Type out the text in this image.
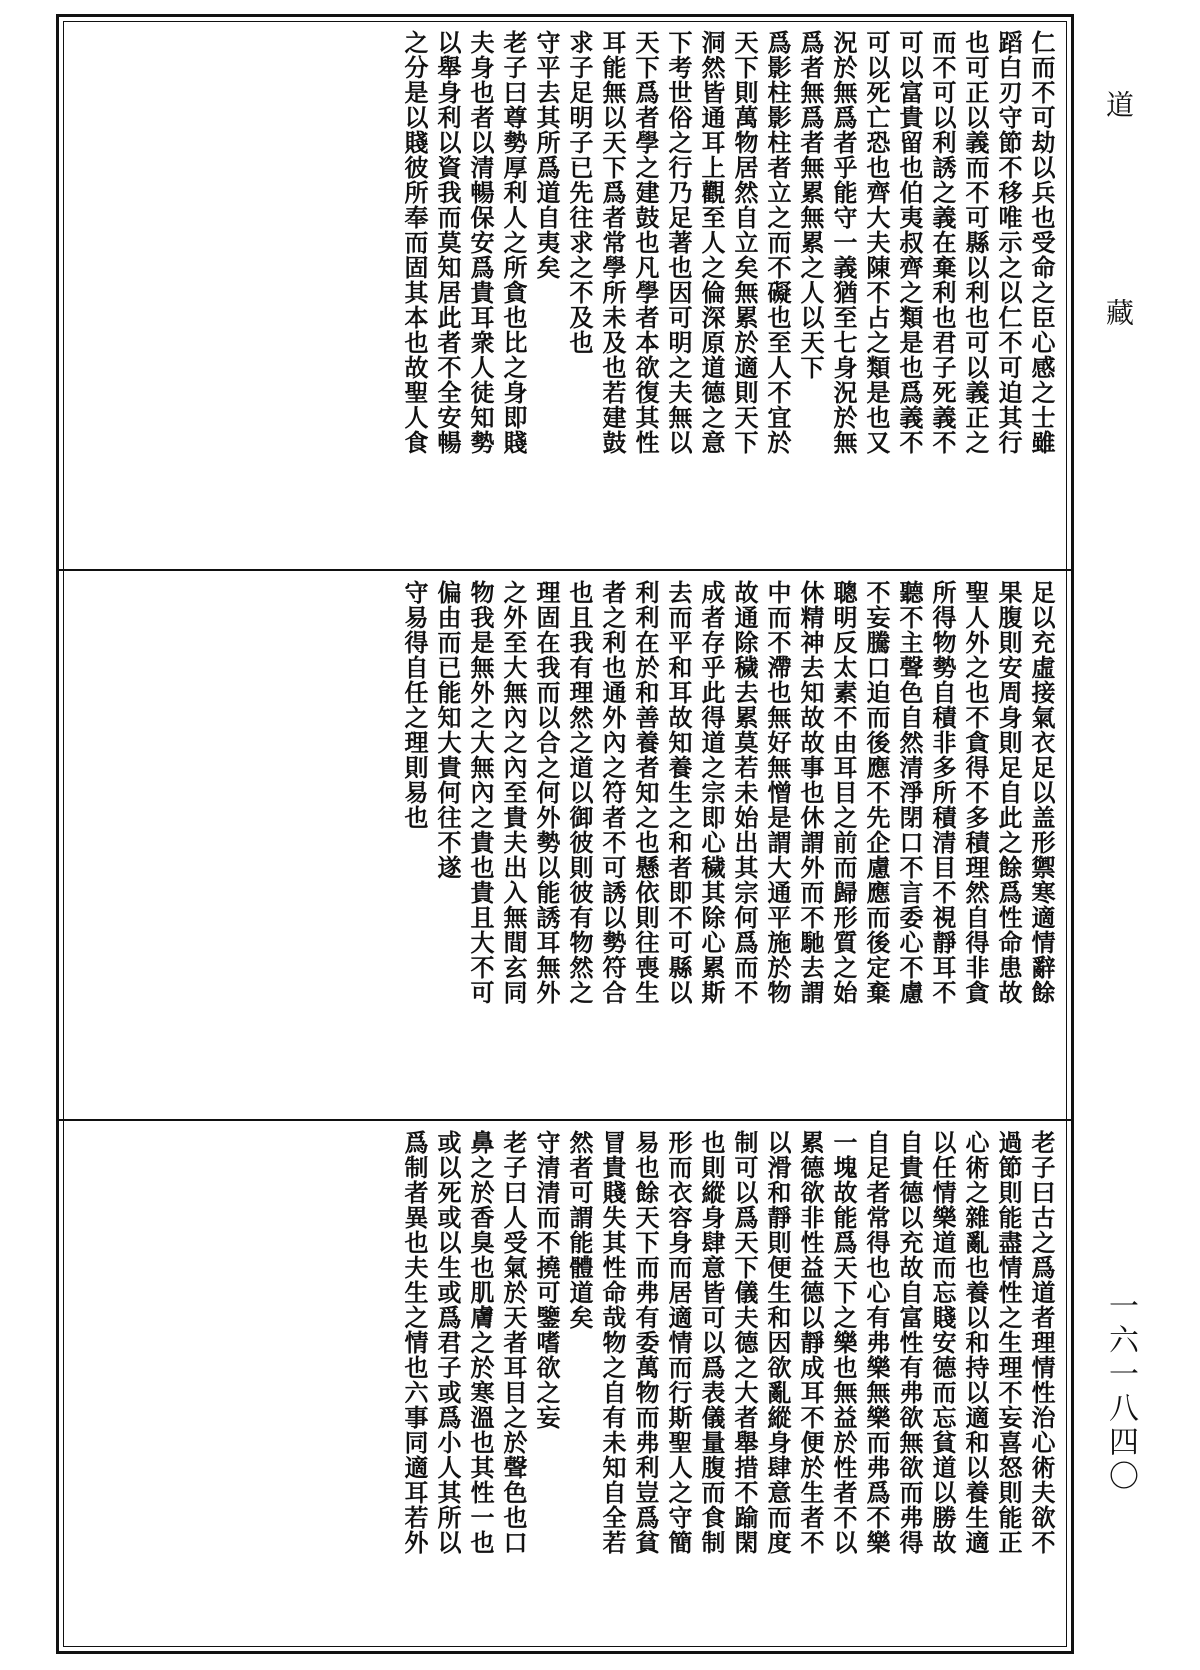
仁而不可劫以兵也受命之臣心感之士雖
蹈白刃守節不移唯示之以仁不可迫其行
也可正以義而不可縣以利也可以義正之
而不可以利誘之義在棄利也君子死義不
可以富貴留也伯夷叔齊之類是也爲義不
可以死亡恐也齊大夫陳不占之類是也又
況於無爲者乎能守一義猶至七身況於無
爲者無爲者無累無累之人以天下
爲影柱影柱者立之而不礙也至人不宜於
天下則萬物居然自立矣無累於適則天下
洞然皆通耳上觀至人之倫深原道德之意
下考世俗之行乃足著也因可明之夫無以
天下爲者學之建鼓也凡學者本欲復其性
耳能無以天下爲者常學所未及也若建鼓
求子足明子已先往求之不及也
守平去其所爲道自夷矣
老子曰尊勢厚利人之所貪也比之身即賤
夫身也者以清暢保安爲貴耳衆人徒知勢
以舉身利以資我而莫知居此者不全安暢
之分是以賤彼所奉而固其本也故聖人食
足以充虛接氣衣足以盖形禦寒適情辭餘
果腹則安周身則足自此之餘爲性命患故
聖人外之也不貪得不多積理然自得非貪
所得物勢自積非多所積清目不視靜耳不
聽不主聲色自然清淨閉口不言委心不慮
不妄騰口迫而後應不先企慮應而後定棄
聰明反太素不由耳目之前而歸形質之始
休精神去知故故事也休謂外而不馳去謂
中而不滯也無好無憎是謂大通平施於物
故通除穢去累莫若未始出其宗何爲而不
成者存乎此得道之宗即心穢其除心累斯
去而平和耳故知養生之和者即不可縣以
利利在於和善養者知之也懸依則往喪生
者之利也通外內之符者不可誘以勢符合
也且我有理然之道以御彼則彼有物然之
理固在我而以合之何外勢以能誘耳無外
之外至大無內之內至貴夫出入無間玄同
物我是無外之大無內之貴也貴且大不可
偏由而已能知大貴何往不遂
守易得自任之理則易也
老子曰古之爲道者理情性治心術夫欲不
過節則能盡情性之生理不妄喜怒則能正
心術之雜亂也養以和持以適和以養生適
以任情樂道而忘賤安德而忘貧道以勝故
自貴德以充故自富性有弗欲無欲而弗得
自足者常得也心有弗樂無樂而弗爲不樂
一塊故能爲天下之樂也無益於性者不以
累德欲非性益德以靜成耳不便於生者不
以滑和靜則便生和因欲亂縱身肆意而度
制可以爲天下儀夫德之大者舉措不踰閑
也則縱身肆意皆可以爲表儀量腹而食制
形而衣容身而居適情而行斯聖人之守簡
易也餘天下而弗有委萬物而弗利豈爲貧
冒貴賤失其性命哉物之自有未知自全若
然者可謂能體道矣
守清清而不撓可鑒嗜欲之妄
老子曰人受氣於天者耳目之於聲色也口
鼻之於香臭也肌膚之於寒溫也其性一也
或以死或以生或爲君子或爲小人其所以
爲制者異也夫生之情也六事同適耳若外
道藏
一六一八四〇
